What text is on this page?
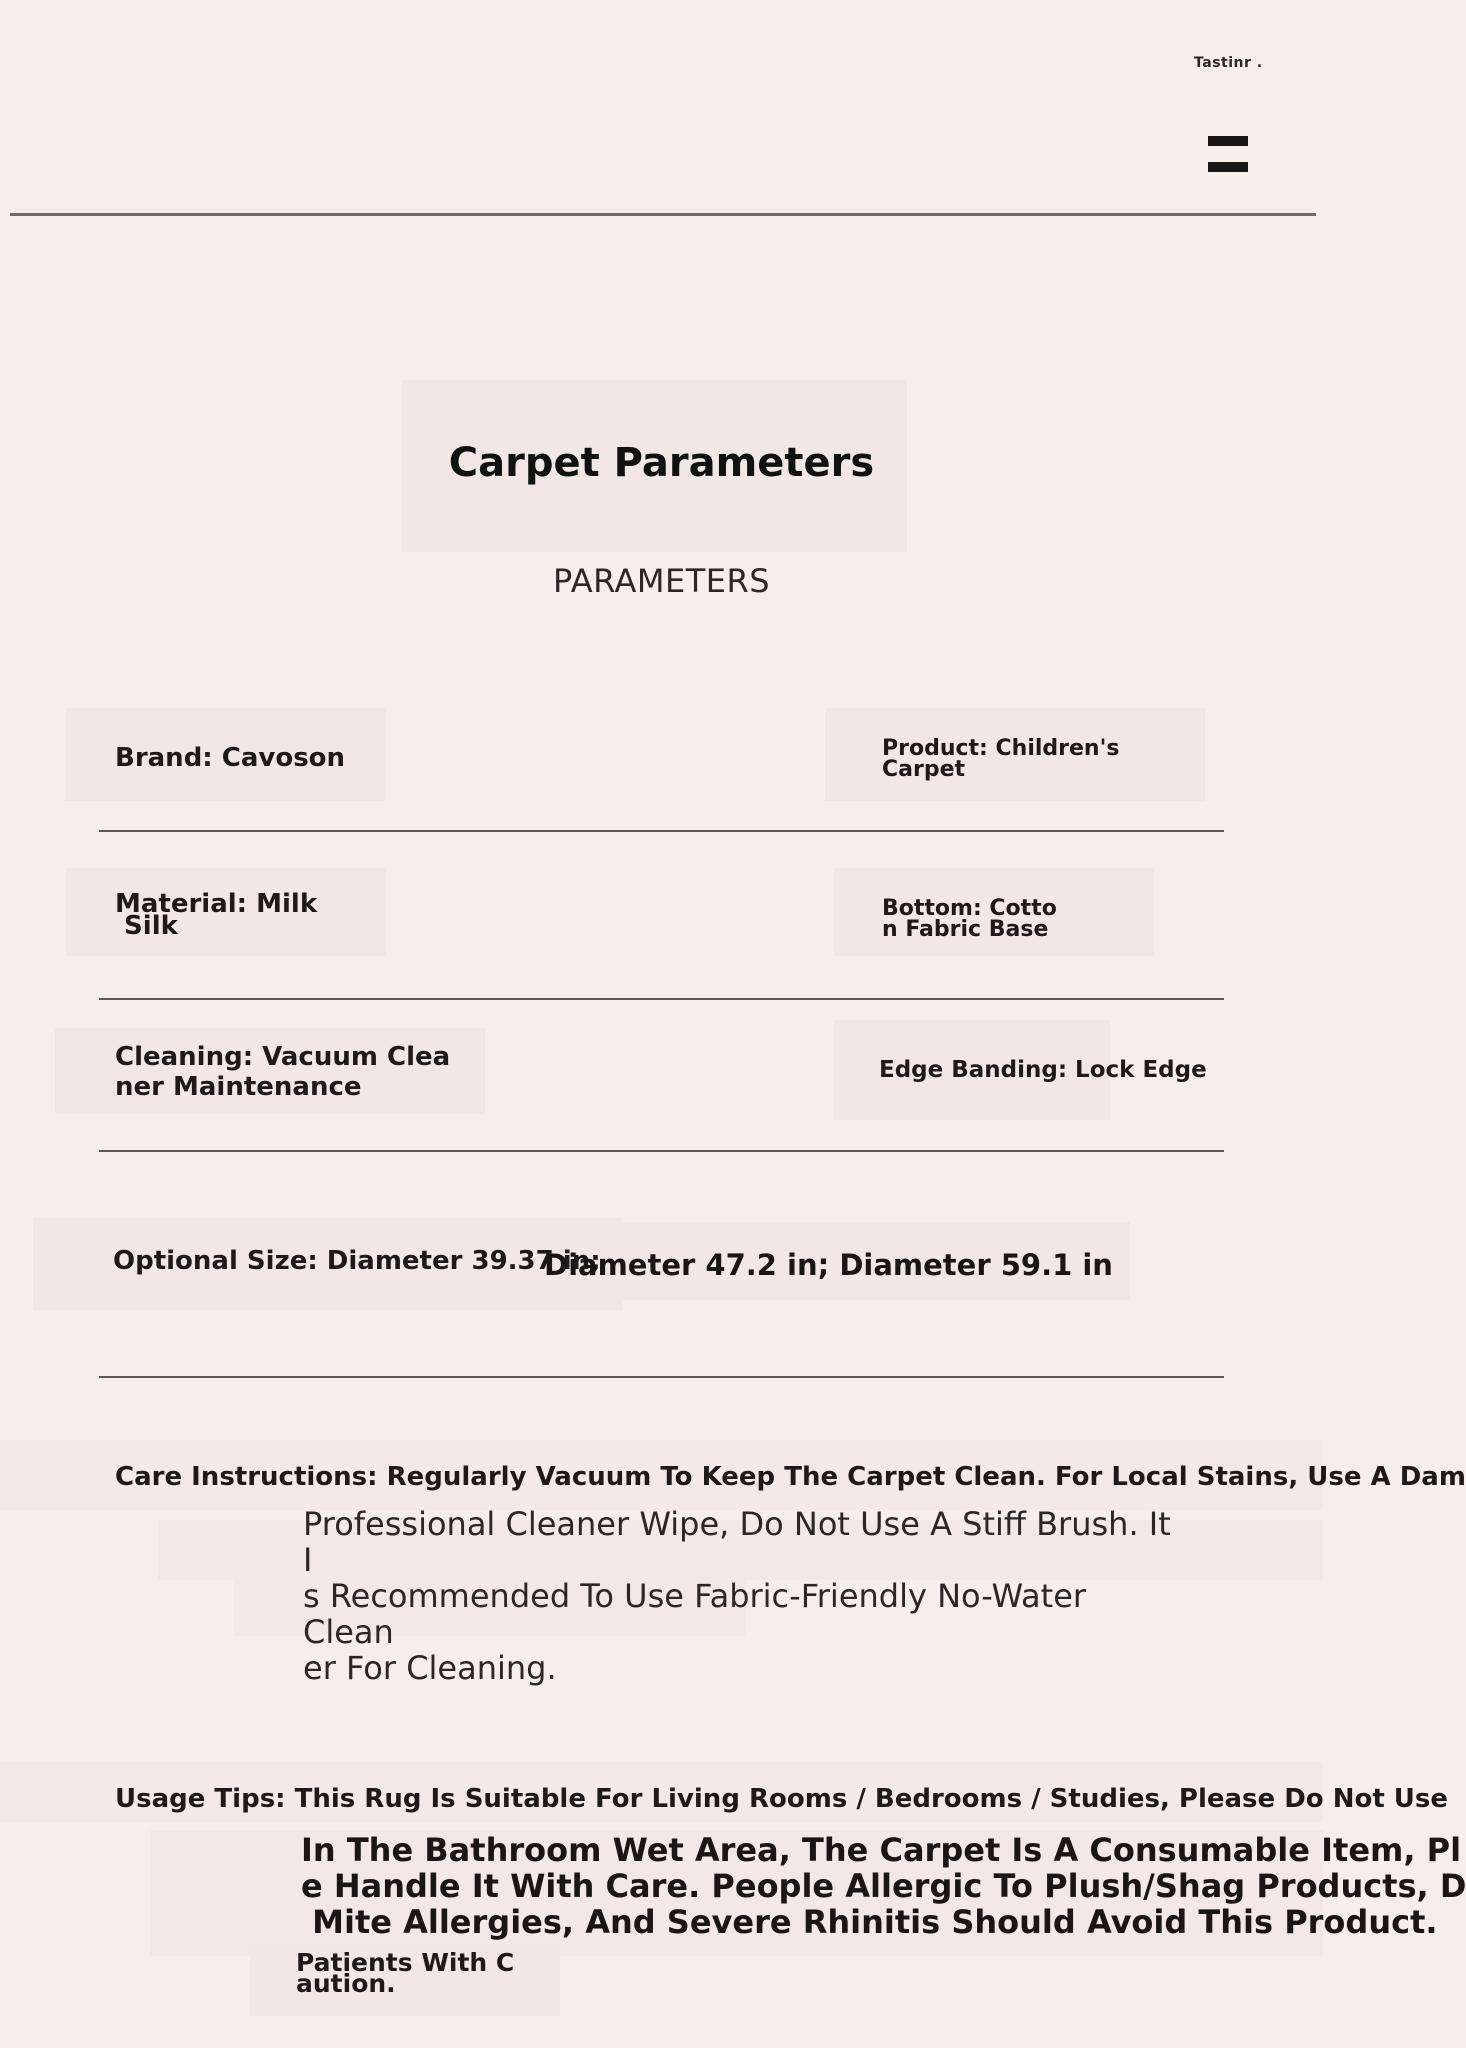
Tastinr .
Carpet Parameters
PARAMETERS
Brand: Cavoson	Product: Children's
Carpet
Material: Milk
Silk
Bottom: Cotto
n Fabric Base
Cleaning: Vacuum Clea
ner Maintenance
Edge Banding: Lock Edge
Optional Size: Diameter 39.37 in;
Diameter 47.2 in; Diameter 59.1 in
Care Instructions: Regularly Vacuum To Keep The Carpet Clean. For Local Stains, Use A Dam
Professional Cleaner Wipe, Do Not Use A Stiff Brush. It I
s Recommended To Use Fabric-Friendly No-Water Clean
er For Cleaning.
Usage Tips: This Rug Is Suitable For Living Rooms / Bedrooms / Studies, Please Do Not Use
In The Bathroom Wet Area, The Carpet Is A Consumable Item, Pl
e Handle It With Care. People Allergic To Plush/Shag Products, D
Mite Allergies, And Severe Rhinitis Should Avoid This Product.
Patients With C
aution.
